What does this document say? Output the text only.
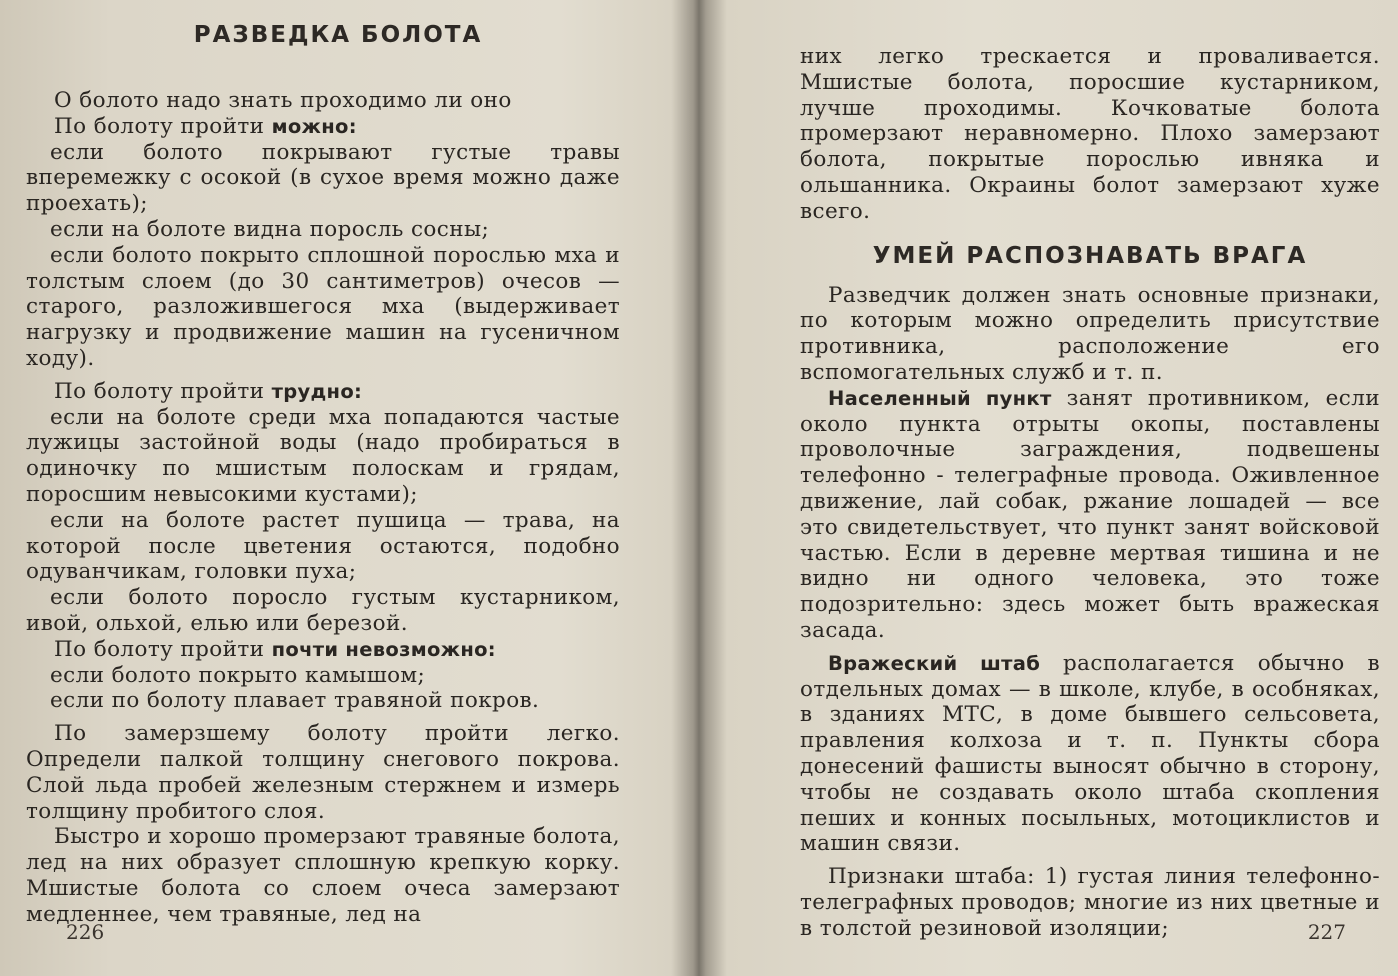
РАЗВЕДКА БОЛОТА

О болото надо знать проходимо ли оно

По болоту пройти можно:

если болото покрывают густые травы вперемежку с осокой (в сухое время можно даже проехать);

если на болоте видна поросль сосны;

если болото покрыто сплошной порослью мха и толстым слоем (до 30 сантиметров) очесов — старого, разложившегося мха (выдерживает нагрузку и продвижение машин на гусеничном ходу).

По болоту пройти трудно:

если на болоте среди мха попадаются частые лужицы застойной воды (надо пробираться в одиночку по мшистым полоскам и грядам, поросшим невысокими кустами);

если на болоте растет пушица — трава, на которой после цветения остаются, подобно одуванчикам, головки пуха;

если болото поросло густым кустарником, ивой, ольхой, елью или березой.

По болоту пройти почти невозможно:

если болото покрыто камышом;

если по болоту плавает травяной покров.

По замерзшему болоту пройти легко. Определи палкой толщину снегового покрова. Слой льда пробей железным стержнем и измерь толщину пробитого слоя.

Быстро и хорошо промерзают травяные болота, лед на них образует сплошную крепкую корку. Мшистые болота со слоем очеса замерзают медленнее, чем травяные, лед на

226

них легко трескается и проваливается. Мшистые болота, поросшие кустарником, лучше проходимы. Кочковатые болота промерзают неравномерно. Плохо замерзают болота, покрытые порослью ивняка и ольшанника. Окраины болот замерзают хуже всего.

УМЕЙ РАСПОЗНАВАТЬ ВРАГА

Разведчик должен знать основные признаки, по которым можно определить присутствие противника, расположение его вспомогательных служб и т. п.

Населенный пункт занят противником, если около пункта отрыты окопы, поставлены проволочные заграждения, подвешены телефонно - телеграфные провода. Оживленное движение, лай собак, ржание лошадей — все это свидетельствует, что пункт занят войсковой частью. Если в деревне мертвая тишина и не видно ни одного человека, это тоже подозрительно: здесь может быть вражеская засада.

Вражеский штаб располагается обычно в отдельных домах — в школе, клубе, в особняках, в зданиях МТС, в доме бывшего сельсовета, правления колхоза и т. п. Пункты сбора донесений фашисты выносят обычно в сторону, чтобы не создавать около штаба скопления пеших и конных посыльных, мотоциклистов и машин связи.

Признаки штаба: 1) густая линия телефонно-телеграфных проводов; многие из них цветные и в толстой резиновой изоляции;	227
